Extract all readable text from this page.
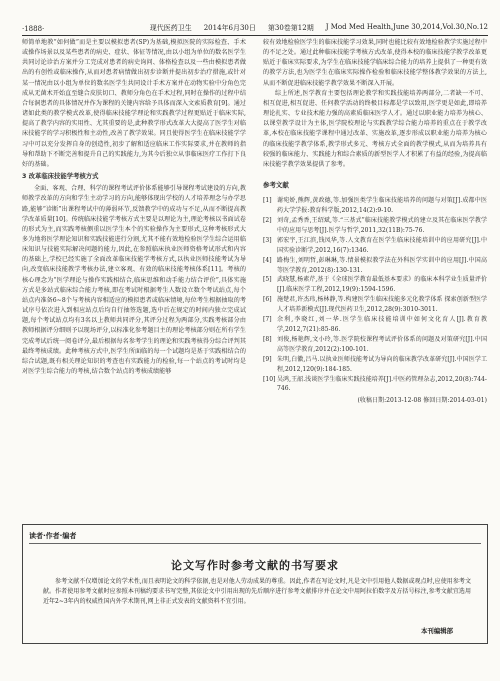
·1888·	现代医药卫生 2014年6月30日 第30卷第12期 J Mod Med Health,June 30,2014,Vol.30,No.12

师简单地教“如何做”而是主要以模拟患者(SP)为基础,模拟医院的实际检查、手术或操作场景以及某些患者的病史、症状、体征等情况,由以小组为单位的数名医学生共同讨论诊治方案并分工完成对患者的病史询问、体格检查以及一些由模拟患者做出的有创性或临床操作,从而对患者病情做出初步诊断并提出初步治疗措施,或针对某一情况由以小组为单位的数名医学生共同设计手术方案并在动物实验中分角色完成从无菌术开始直至缝合皮肤切口、教师分角色在手术过程,同时在操作的过程中结合每洞患者的具体情况并作为课程的关键内容给予具体而深入文索质教育[9]。通过诸如此类的教学模式改革,使得临床技能学理论和实践教学过程更贴近于临床实际,提高了教学内容的实用性、尤其重要的是,此种教学形式改革大大提高了医学生对临床技能学的学习积极性和主动性,改善了教学效果。同且使得医学生在临床技能学学习中可以充分发挥自身的创造性,初步了解和适应临床工作实际要求,并在教师的指导和帮助下不断完善和提升自己的实践能力,为其今后独立从事临床医疗工作打下良好的基础。

3 改革临床技能学考核方式

全面、客观、合理、科学的课程考试评价体系能够引导课程考试建设的方向,教师教学改革的方向和学生主动学习的方向,能够体现出学校的人才培养理念与办学思路,能够“诊断”出课程考试中的薄弱环节,反馈教学中的成功与不足,从而不断提高教学改革质量[10]。传统临床技能学考核方式主要是以理论为主,理论考核以书面试卷的形式为主,而实践考核侧重以医学生本个的实验操作为主要形式,这种考核形式大多为地将医学理论知识和实践技能进行分割,尤其不能有效地检验医学生综合运用临床知识与技能实际解决问题的能力,因此,在参照临床执业医师资格考试形式和内容的基础上,学校已经实施了全面改革临床技能学考核方式,以执业医师技能考试为导向,改变临床技能教学考核办法,建立客观、有效的临床技能考核体系[11]。考核的核心理念为“医学理论与操作实践相结合,临床思维和动手能力结合评价”,具体实施方式是多站式临床综合能力考核,即在考试时根据考生人数设立数个考试站点,每个站点内准备6~8个与考核内容相适应的模拟患者或临床情境,每位考生根据抽取的考试序号依次进入到相应站点后均自行抽签选题,选中后在规定的时间内独立完成试题,每个考试站点均有3名以上教师共同评分,其评分过程为两部分,实践考核部分由教师根据评分细则予以现场评分,以标准化参考题目主的理论考核部分则在所有学生完成考试后统一阅卷评分,最后根据每名参考学生的理论和实践考核得分综合评判其最终考核成绩。此种考核方式中,医学生所面临的每一个试题均是基于实践相结合的综合试题,既有相关理论知识的考查也有实践能力的检验,每一个站点的考试时均是对医学生综合能力的考核,结合数个站点的考核成绩能够

较有效地检验医学生的临床技能学习效果,同时也能比较有效地检验教学实施过程中的不足之处。通过此种临床技能学考核方式改革,使得本校的临床技能学教学改革更贴近于临床实际要求,为学生在临床技能学临床综合能力的培养上提供了一种更有效的教学方法,也为医学生在临床实际操作检验和临床技能学整体教学效果的方法上,从而不断促进临床技能学教学效果不断深入开展。

综上所述,医学教育主要包括理论教学和实践技能培养两部分,二者缺一不可、相互促进,相互促进、任何教学活动的终极目标都是学以致用,医学更是如此,即培养理论扎实、专业技术能力强的高素质临床医学人才。通过以职业能力培养为核心、以课堂教学设计为主体,医学院校理论与实践教学综合能力培养的重点在于教学改革,本校在临床技能学课程中通过改革、实施改革,逐步形成以职业能力培养为核心的临床技能学教学体系,教学形式多元、考核方式全面的教学模式,从而为培养具有较强的临床能力、实践能力和综合素质的新型医学人才积累了有益的经验,为提高临床技能学教学效果提供了参考。

参考文献
[1] 谢宛娇,熊辉,黄政德,等.加强医类学生临床技能培养的问题与对策[J].成都中医药大学学报:教育科学版,2012,14(2):9-10.
[2] 刘奇,孟秀香,王绍斌,等.“三基式”临床技能教学模式的建立及其在临床医学教学中的应用与思考[J].医学与哲学,2011,32(11B):75-76.
[3] 郭宏宇,王江滨,钱凤华,等.人文教育在医学生临床技能培训中的应用研究[J].中国实验诊断学,2012,16(7):1346.
[4] 路梅生,刘明哲,彭琳琳,等.情景模拟教学法在外科医学实训中的应用[J].中国高等医学教育,2012(8):130-131.
[5] 武晓慧,杨素芹,基于《全球医学教育最低基本要求》的临床本科学业生质量评价[J].临床医学工程,2012,19(9):1594-1596.
[6] 施楚君,许杰玮,杨林静,等.构建医学生临床技能多元化教学体系 探索创新型医学人才培养新模式[J].现代医药卫生,2012,28(9):3010-3011.
[7] 余利,李晓红,刘一华.医学生临床技能培训中如何文化育人[J].教育教学,2012,7(21):85-86.
[8] 刘俊,杨艳辉,文小玲,等.医学院校课程考试评价体系的问题及对策研究[J].中国高等医学教育,2012(2):100-101.
[9] 朱明,白徽,吕马.以执业医师技能考试为导向的临床教学改革研究[J].中国医学工程,2012,120(9):184-185.
[10] 吴鸿,王韶.浅谈医学生临床实践技能培养[J].中医药管理杂志,2012,20(8):744-746.
(收稿日期:2013-12-08 修回日期:2014-03-01)
读者·作者·编者
论文写作时参考文献的书写要求
参考文献不仅增加论文的学术性,而且表明论文的科学依据,也是对他人劳动成果的尊重。因此,作者在写论文时,凡是文中引用他人数据或观点时,应使用参考文献。作者使用参考文献时应参照本刊稿约要求书写完整,其依论文中引用出现的先后顺序进行参考文献排序并在论文中用阿拉伯数字及方括号标注,参考文献宜选用近年2~3年内的权威性国内外学术期刊,网上非正式发表的文献资料不宜引用。
本刊编辑部
